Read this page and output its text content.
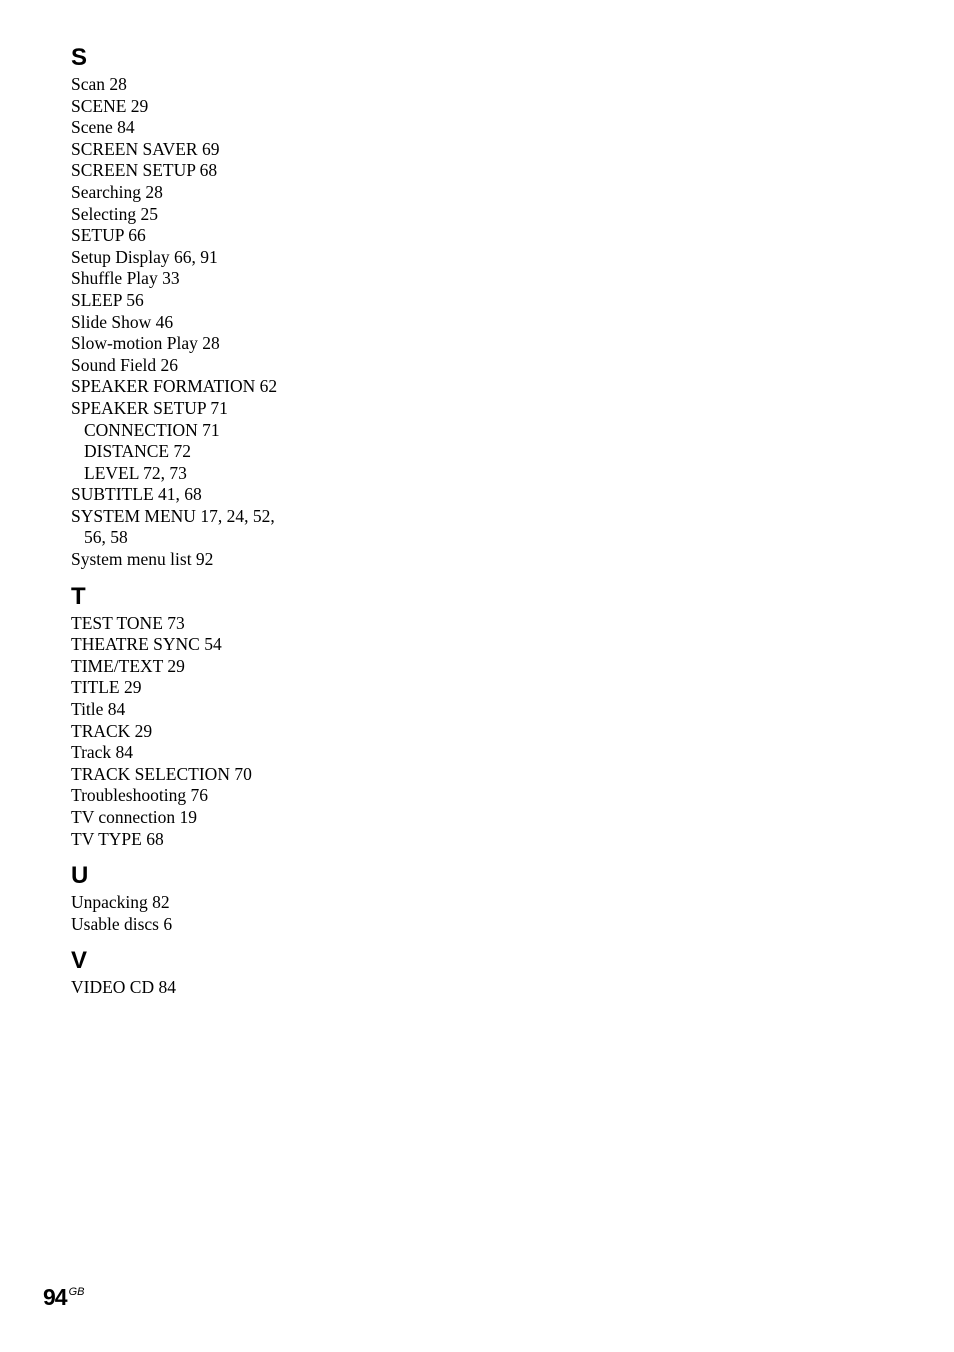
S
Scan 28
SCENE 29
Scene 84
SCREEN SAVER 69
SCREEN SETUP 68
Searching 28
Selecting 25
SETUP 66
Setup Display 66, 91
Shuffle Play 33
SLEEP 56
Slide Show 46
Slow-motion Play 28
Sound Field 26
SPEAKER FORMATION 62
SPEAKER SETUP 71
CONNECTION 71
DISTANCE 72
LEVEL 72, 73
SUBTITLE 41, 68
SYSTEM MENU 17, 24, 52,
56, 58
System menu list 92
T
TEST TONE 73
THEATRE SYNC 54
TIME/TEXT 29
TITLE 29
Title 84
TRACK 29
Track 84
TRACK SELECTION 70
Troubleshooting 76
TV connection 19
TV TYPE 68
U
Unpacking 82
Usable discs 6
V
VIDEO CD 84
94 $^{GB}$
